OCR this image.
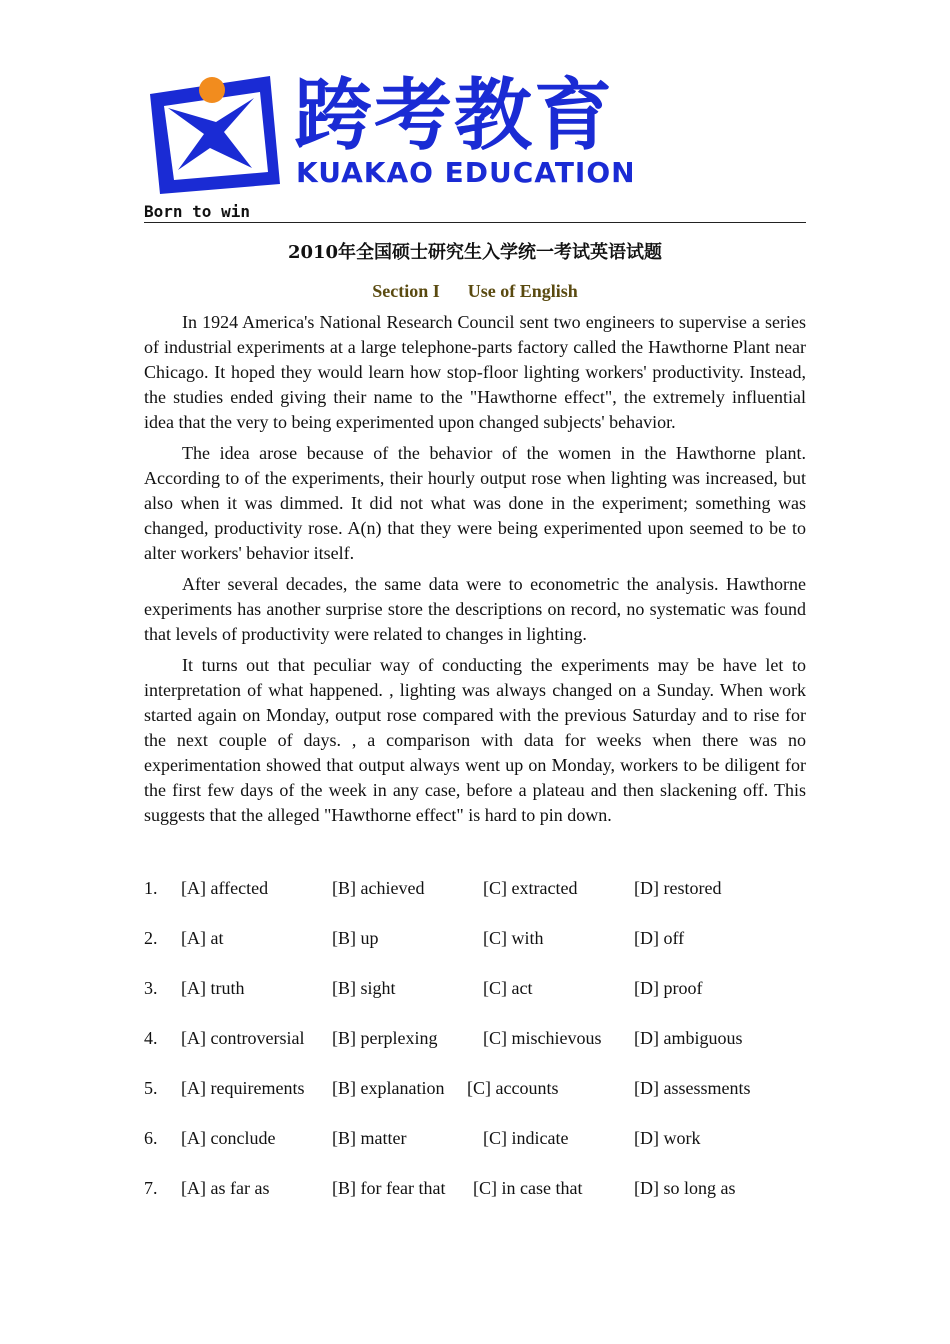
跨考教育
KUAKAO EDUCATION
Born to win
2010年全国硕士研究生入学统一考试英语试题
Section I Use of English

In 1924 America's National Research Council sent two engineers to supervise a series of industrial experiments at a large telephone-parts factory called the Hawthorne Plant near Chicago. It hoped they would learn how stop-floor lighting workers' productivity. Instead, the studies ended giving their name to the "Hawthorne effect", the extremely influential idea that the very to being experimented upon changed subjects' behavior.

The idea arose because of the behavior of the women in the Hawthorne plant. According to of the experiments, their hourly output rose when lighting was increased, but also when it was dimmed. It did not what was done in the experiment; something was changed, productivity rose. A(n) that they were being experimented upon seemed to be to alter workers' behavior itself.

After several decades, the same data were to econometric the analysis. Hawthorne experiments has another surprise store the descriptions on record, no systematic was found that levels of productivity were related to changes in lighting.

It turns out that peculiar way of conducting the experiments may be have let to interpretation of what happened. , lighting was always changed on a Sunday. When work started again on Monday, output rose compared with the previous Saturday and to rise for the next couple of days. , a comparison with data for weeks when there was no experimentation showed that output always went up on Monday, workers to be diligent for the first few days of the week in any case, before a plateau and then slackening off. This suggests that the alleged "Hawthorne effect" is hard to pin down.

1. [A] affected	[B] achieved	[C] extracted	[D] restored
2. [A] at	[B] up	[C] with	[D] off
3. [A] truth	[B] sight	[C] act	[D] proof
4. [A] controversial [B] perplexing	[C] mischievous [D] ambiguous
5. [A] requirements [B] explanation [C] accounts	[D] assessments
6. [A] conclude	[B] matter	[C] indicate	[D] work
7. [A] as far as	[B] for fear that [C] in case that	[D] so long as
